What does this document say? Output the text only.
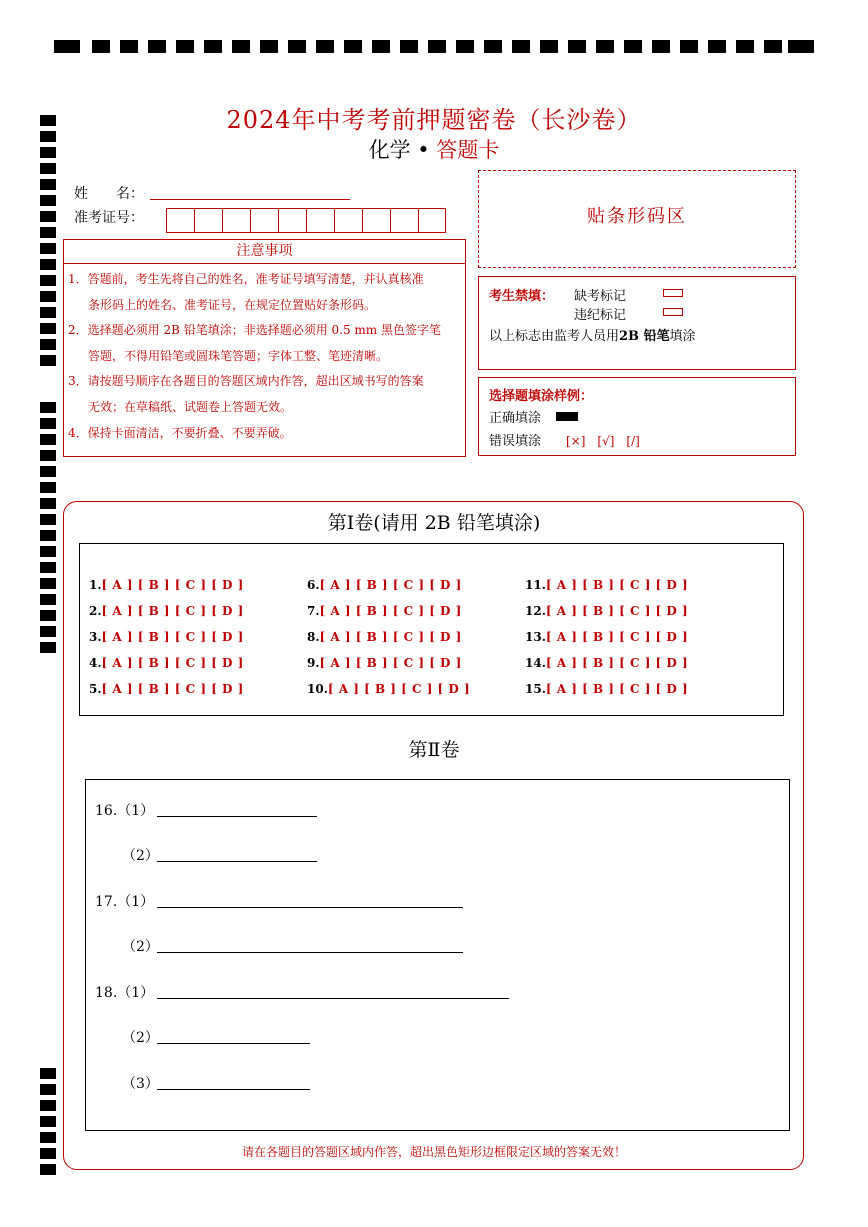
2024年中考考前押题密卷（长沙卷）
化学 • 答题卡
姓　　名：
准考证号：
注意事项
1．答题前，考生先将自己的姓名，准考证号填写清楚，并认真核准
条形码上的姓名、准考证号，在规定位置贴好条形码。
2．选择题必须用 2B 铅笔填涂；非选择题必须用 0.5 mm 黑色签字笔
答题，不得用铅笔或圆珠笔答题；字体工整、笔迹清晰。
3．请按题号顺序在各题目的答题区域内作答，超出区域书写的答案
无效；在草稿纸、试题卷上答题无效。
4．保持卡面清洁，不要折叠、不要弄破。
贴条形码区
考生禁填： 缺考标记
违纪标记
以上标志由监考人员用2B 铅笔填涂
选择题填涂样例：
正确填涂
错误填涂 [×]　[√]　[/]
第Ⅰ卷(请用 2B 铅笔填涂)
1.[ A ] [ B ] [ C ] [ D ]
2.[ A ] [ B ] [ C ] [ D ]
3.[ A ] [ B ] [ C ] [ D ]
4.[ A ] [ B ] [ C ] [ D ]
5.[ A ] [ B ] [ C ] [ D ]
6.[ A ] [ B ] [ C ] [ D ]
7.[ A ] [ B ] [ C ] [ D ]
8.[ A ] [ B ] [ C ] [ D ]
9.[ A ] [ B ] [ C ] [ D ]
10.[ A ] [ B ] [ C ] [ D ]
11.[ A ] [ B ] [ C ] [ D ]
12.[ A ] [ B ] [ C ] [ D ]
13.[ A ] [ B ] [ C ] [ D ]
14.[ A ] [ B ] [ C ] [ D ]
15.[ A ] [ B ] [ C ] [ D ]
第Ⅱ卷
16.（1）
（2）
17.（1）
（2）
18.（1）
（2）
（3）
请在各题目的答题区域内作答，超出黑色矩形边框限定区域的答案无效！
